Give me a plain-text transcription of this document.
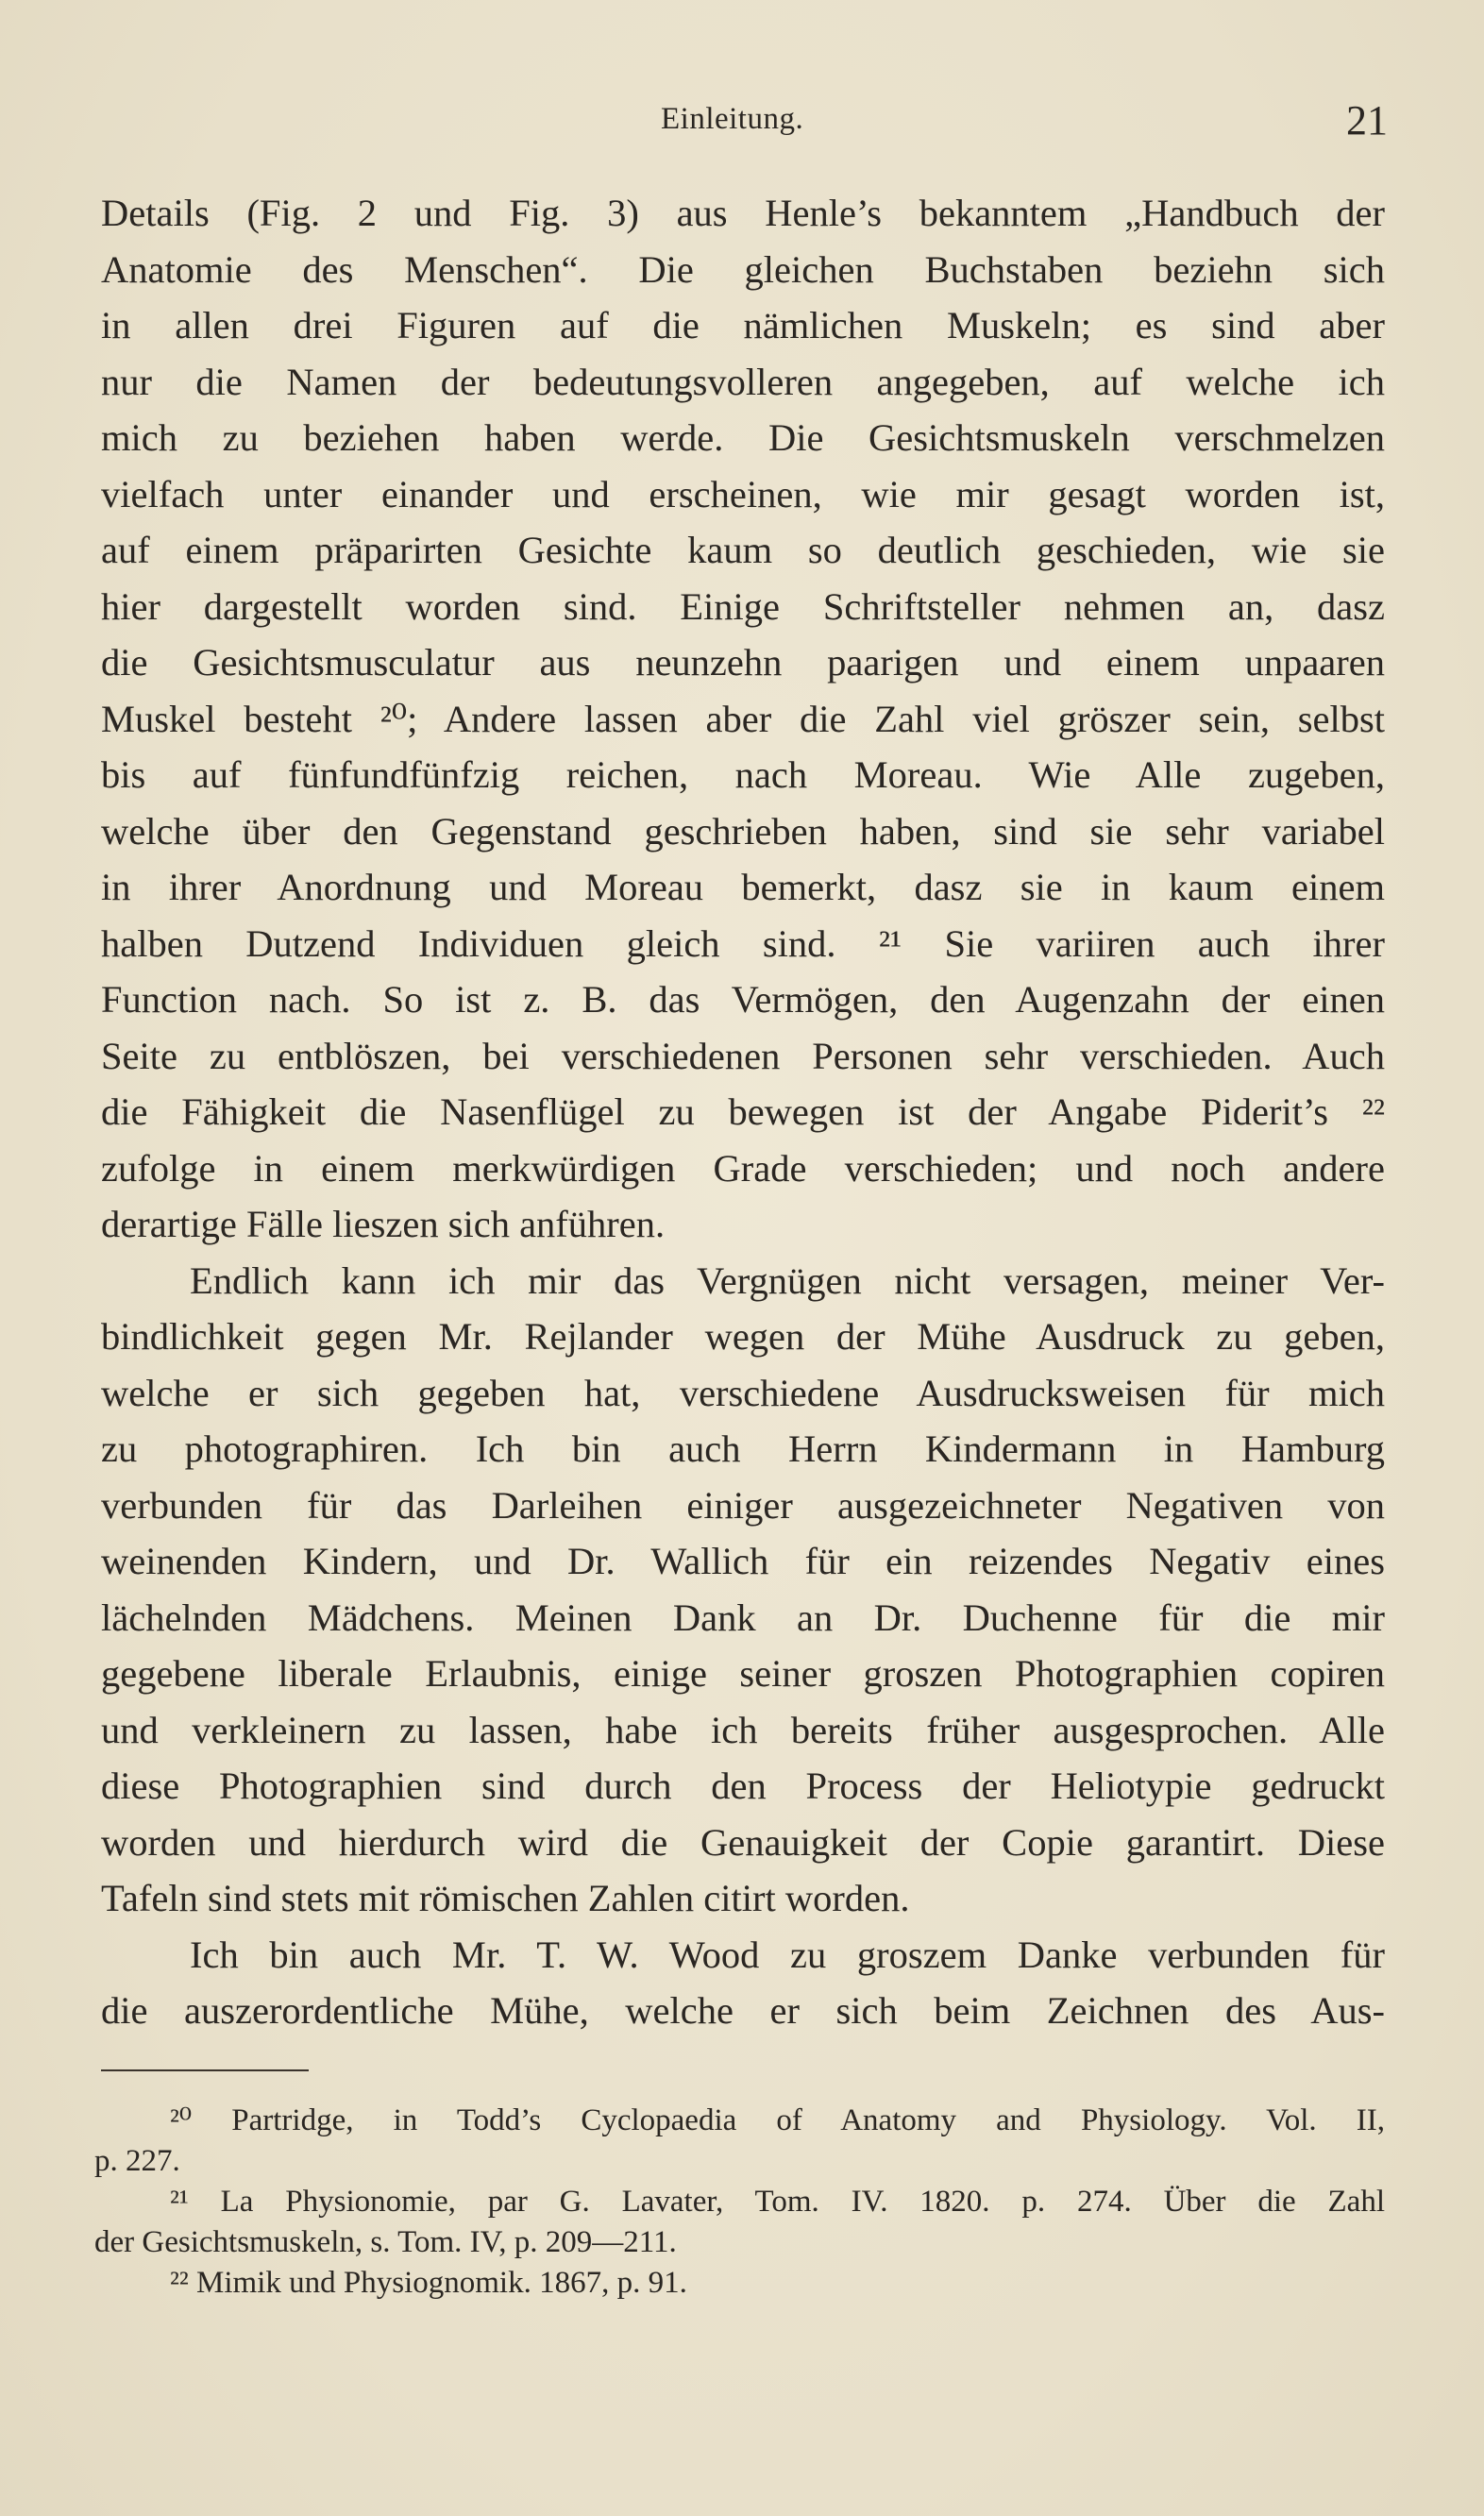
Einleitung.	21
Details (Fig. 2 und Fig. 3) aus Henle’s bekanntem „Handbuch der
Anatomie des Menschen“. Die gleichen Buchstaben beziehn sich
in allen drei Figuren auf die nämlichen Muskeln; es sind aber
nur die Namen der bedeutungsvolleren angegeben, auf welche ich
mich zu beziehen haben werde. Die Gesichtsmuskeln verschmelzen
vielfach unter einander und erscheinen, wie mir gesagt worden ist,
auf einem präparirten Gesichte kaum so deutlich geschieden, wie sie
hier dargestellt worden sind. Einige Schriftsteller nehmen an, dasz
die Gesichtsmusculatur aus neunzehn paarigen und einem unpaaren
Muskel besteht ²⁰; Andere lassen aber die Zahl viel gröszer sein, selbst
bis auf fünfundfünfzig reichen, nach Moreau. Wie Alle zugeben,
welche über den Gegenstand geschrieben haben, sind sie sehr variabel
in ihrer Anordnung und Moreau bemerkt, dasz sie in kaum einem
halben Dutzend Individuen gleich sind. ²¹ Sie variiren auch ihrer
Function nach. So ist z. B. das Vermögen, den Augenzahn der einen
Seite zu entblöszen, bei verschiedenen Personen sehr verschieden. Auch
die Fähigkeit die Nasenflügel zu bewegen ist der Angabe Piderit’s ²²
zufolge in einem merkwürdigen Grade verschieden; und noch andere
derartige Fälle lieszen sich anführen.
Endlich kann ich mir das Vergnügen nicht versagen, meiner Ver-
bindlichkeit gegen Mr. Rejlander wegen der Mühe Ausdruck zu geben,
welche er sich gegeben hat, verschiedene Ausdrucksweisen für mich
zu photographiren. Ich bin auch Herrn Kindermann in Hamburg
verbunden für das Darleihen einiger ausgezeichneter Negativen von
weinenden Kindern, und Dr. Wallich für ein reizendes Negativ eines
lächelnden Mädchens. Meinen Dank an Dr. Duchenne für die mir
gegebene liberale Erlaubnis, einige seiner groszen Photographien copiren
und verkleinern zu lassen, habe ich bereits früher ausgesprochen. Alle
diese Photographien sind durch den Process der Heliotypie gedruckt
worden und hierdurch wird die Genauigkeit der Copie garantirt. Diese
Tafeln sind stets mit römischen Zahlen citirt worden.
Ich bin auch Mr. T. W. Wood zu groszem Danke verbunden für
die auszerordentliche Mühe, welche er sich beim Zeichnen des Aus-
²⁰ Partridge, in Todd’s Cyclopaedia of Anatomy and Physiology. Vol. II,
p. 227.
²¹ La Physionomie, par G. Lavater, Tom. IV. 1820. p. 274. Über die Zahl
der Gesichtsmuskeln, s. Tom. IV, p. 209—211.
²² Mimik und Physiognomik. 1867, p. 91.
